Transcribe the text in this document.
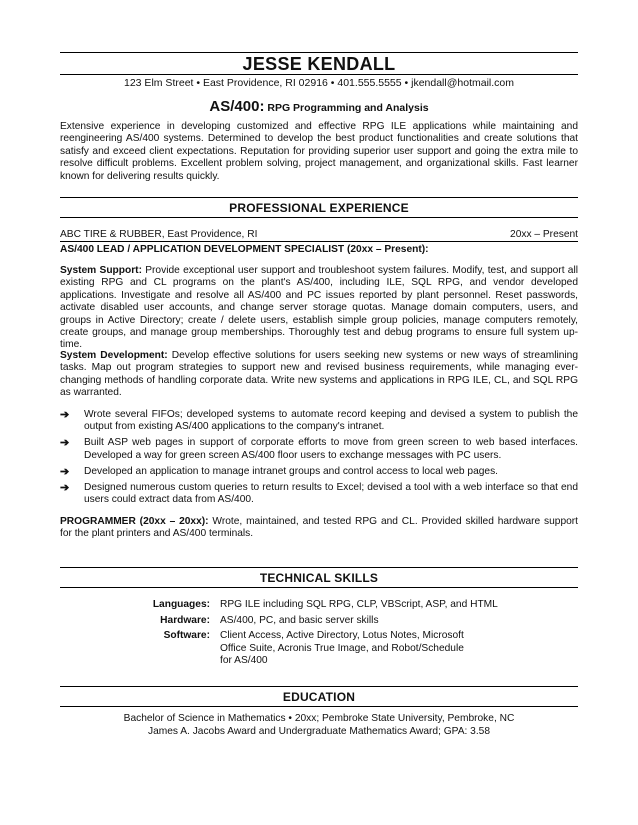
JESSE KENDALL
123 Elm Street • East Providence, RI 02916 • 401.555.5555 • jkendall@hotmail.com
AS/400: RPG Programming and Analysis
Extensive experience in developing customized and effective RPG ILE applications while maintaining and reengineering AS/400 systems. Determined to develop the best product functionalities and create solutions that satisfy and exceed client expectations. Reputation for providing superior user support and going the extra mile to resolve difficult problems. Excellent problem solving, project management, and organizational skills. Fast learner known for delivering results quickly.
PROFESSIONAL EXPERIENCE
ABC TIRE & RUBBER, East Providence, RI	20xx – Present
AS/400 LEAD / APPLICATION DEVELOPMENT SPECIALIST (20xx – Present):
System Support: Provide exceptional user support and troubleshoot system failures. Modify, test, and support all existing RPG and CL programs on the plant's AS/400, including ILE, SQL RPG, and vendor developed applications. Investigate and resolve all AS/400 and PC issues reported by plant personnel. Reset passwords, activate disabled user accounts, and change server storage quotas. Manage domain computers, users, and groups in Active Directory; create / delete users, establish simple group policies, manage computers remotely, create groups, and manage group memberships. Thoroughly test and debug programs to ensure full system up-time.
System Development: Develop effective solutions for users seeking new systems or new ways of streamlining tasks. Map out program strategies to support new and revised business requirements, while managing ever-changing methods of handling corporate data. Write new systems and applications in RPG ILE, CL, and SQL RPG as warranted.
➔ Wrote several FIFOs; developed systems to automate record keeping and devised a system to publish the output from existing AS/400 applications to the company's intranet.
➔ Built ASP web pages in support of corporate efforts to move from green screen to web based interfaces. Developed a way for green screen AS/400 floor users to exchange messages with PC users.
➔ Developed an application to manage intranet groups and control access to local web pages.
➔ Designed numerous custom queries to return results to Excel; devised a tool with a web interface so that end users could extract data from AS/400.
PROGRAMMER (20xx – 20xx): Wrote, maintained, and tested RPG and CL. Provided skilled hardware support for the plant printers and AS/400 terminals.
TECHNICAL SKILLS
Languages: RPG ILE including SQL RPG, CLP, VBScript, ASP, and HTML
Hardware: AS/400, PC, and basic server skills
Software: Client Access, Active Directory, Lotus Notes, Microsoft Office Suite, Acronis True Image, and Robot/Schedule for AS/400
EDUCATION
Bachelor of Science in Mathematics • 20xx; Pembroke State University, Pembroke, NC
James A. Jacobs Award and Undergraduate Mathematics Award; GPA: 3.58
